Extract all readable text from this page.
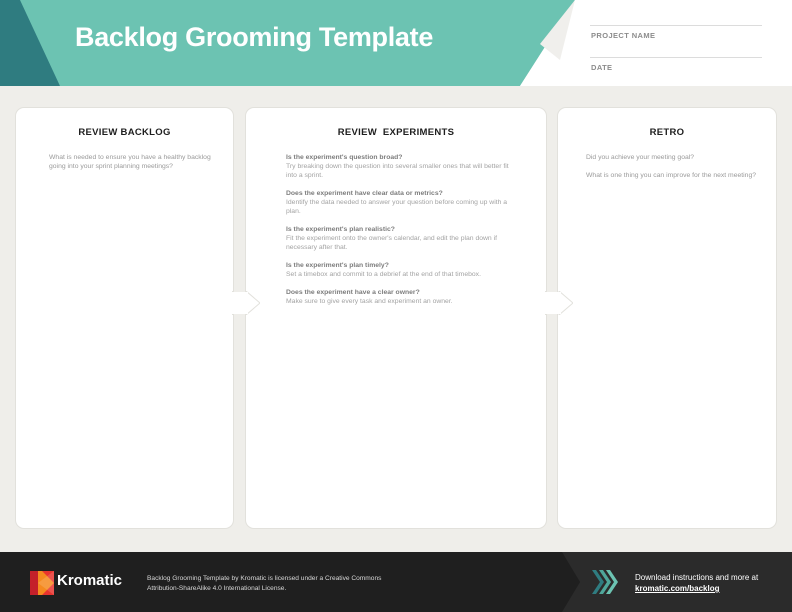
Backlog Grooming Template	PROJECT NAME
DATE
REVIEW BACKLOG
What is needed to ensure you have a healthy backlog going into your sprint planning meetings?
REVIEW  EXPERIMENTS
Is the experiment's question broad?
Try breaking down the question into several smaller ones that will better fit into a sprint.
Does the experiment have clear data or metrics?
Identify the data needed to answer your question before coming up with a plan.
Is the experiment's plan realistic?
Fit the experiment onto the owner's calendar, and edit the plan down if necessary after that.
Is the experiment's plan timely?
Set a timebox and commit to a debrief at the end of that timebox.
Does the experiment have a clear owner?
Make sure to give every task and experiment an owner.
RETRO
Did you achieve your meeting goal?
What is one thing you can improve for the next meeting?
Kromatic	Backlog Grooming Template by Kromatic is licensed under a Creative Commons Attribution-ShareAlike 4.0 International License.
Download instructions and more at
kromatic.com/backlog
